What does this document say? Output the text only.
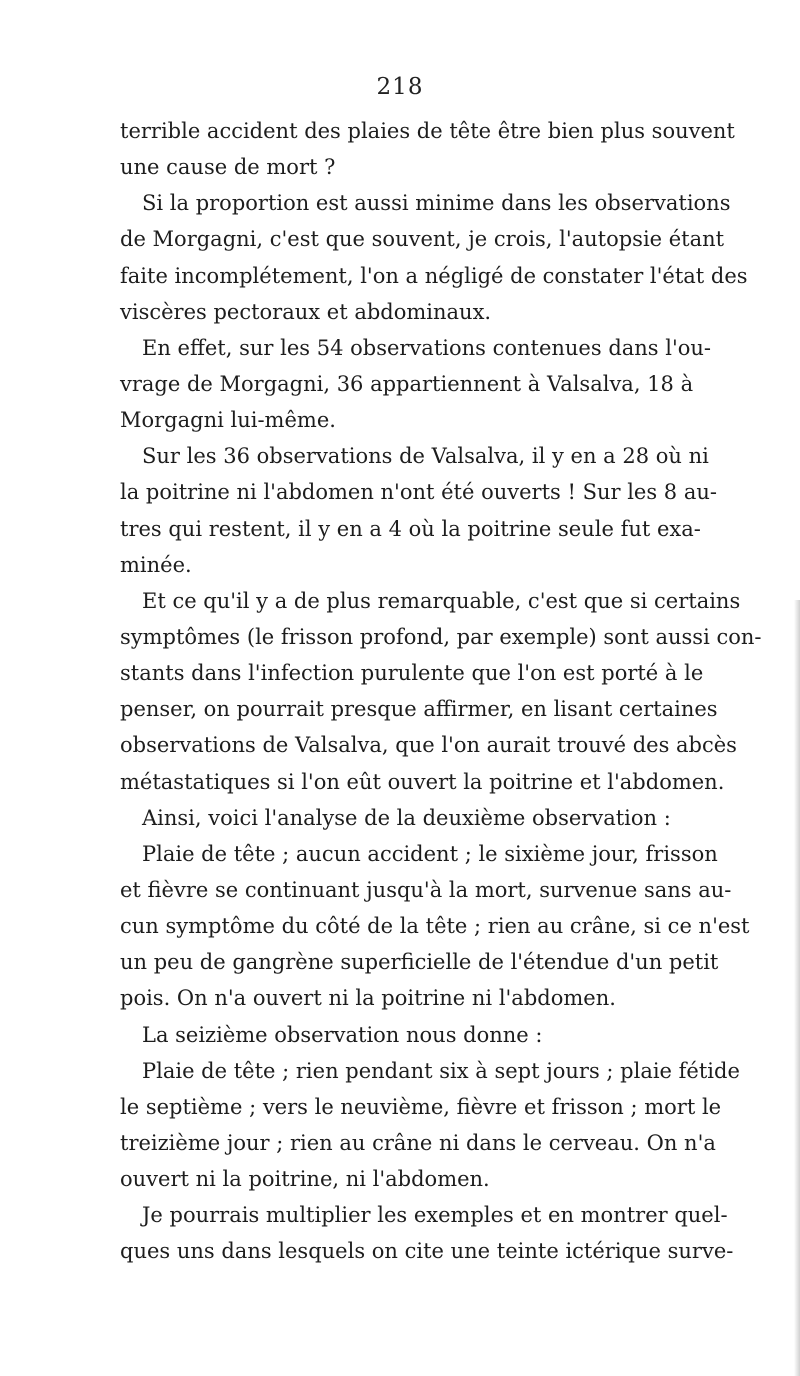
218
terrible accident des plaies de tête être bien plus souvent
une cause de mort ?
Si la proportion est aussi minime dans les observations
de Morgagni, c'est que souvent, je crois, l'autopsie étant
faite incomplétement, l'on a négligé de constater l'état des
viscères pectoraux et abdominaux.
En effet, sur les 54 observations contenues dans l'ou-
vrage de Morgagni, 36 appartiennent à Valsalva, 18 à
Morgagni lui-même.
Sur les 36 observations de Valsalva, il y en a 28 où ni
la poitrine ni l'abdomen n'ont été ouverts ! Sur les 8 au-
tres qui restent, il y en a 4 où la poitrine seule fut exa-
minée.
Et ce qu'il y a de plus remarquable, c'est que si certains
symptômes (le frisson profond, par exemple) sont aussi con-
stants dans l'infection purulente que l'on est porté à le
penser, on pourrait presque affirmer, en lisant certaines
observations de Valsalva, que l'on aurait trouvé des abcès
métastatiques si l'on eût ouvert la poitrine et l'abdomen.
Ainsi, voici l'analyse de la deuxième observation :
Plaie de tête ; aucun accident ; le sixième jour, frisson
et fièvre se continuant jusqu'à la mort, survenue sans au-
cun symptôme du côté de la tête ; rien au crâne, si ce n'est
un peu de gangrène superficielle de l'étendue d'un petit
pois. On n'a ouvert ni la poitrine ni l'abdomen.
La seizième observation nous donne :
Plaie de tête ; rien pendant six à sept jours ; plaie fétide
le septième ; vers le neuvième, fièvre et frisson ; mort le
treizième jour ; rien au crâne ni dans le cerveau. On n'a
ouvert ni la poitrine, ni l'abdomen.
Je pourrais multiplier les exemples et en montrer quel-
ques uns dans lesquels on cite une teinte ictérique surve-
